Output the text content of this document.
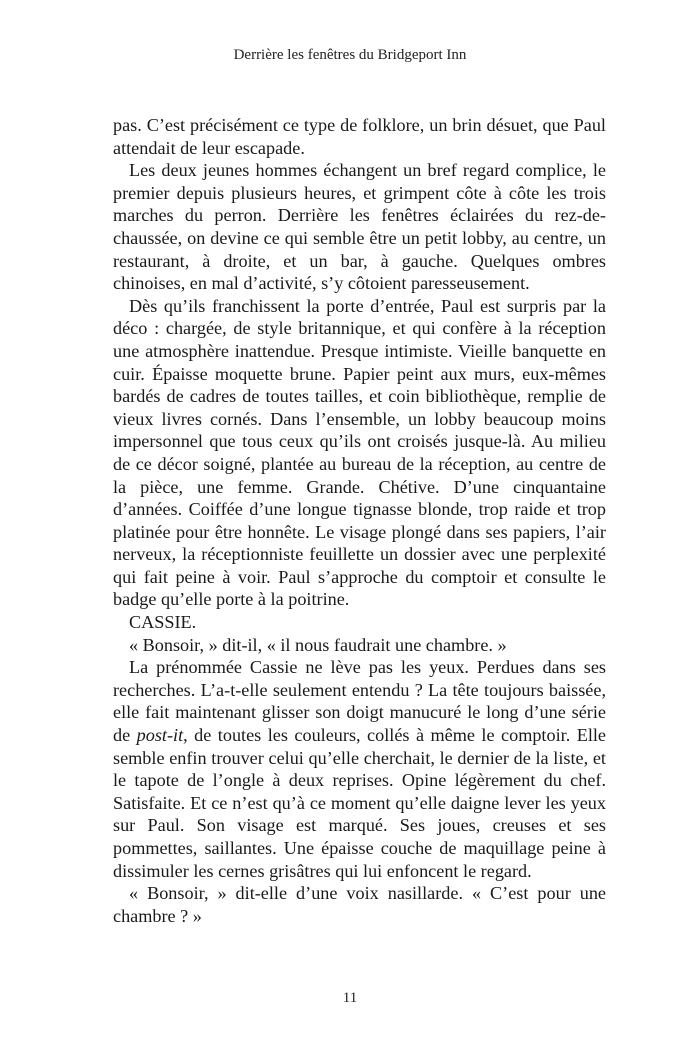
Derrière les fenêtres du Bridgeport Inn

pas. C’est précisément ce type de folklore, un brin désuet, que Paul attendait de leur escapade.

Les deux jeunes hommes échangent un bref regard complice, le premier depuis plusieurs heures, et grimpent côte à côte les trois marches du perron. Derrière les fenêtres éclairées du rez-de-chaussée, on devine ce qui semble être un petit lobby, au centre, un restaurant, à droite, et un bar, à gauche. Quelques ombres chinoises, en mal d’activité, s’y côtoient paresseusement.

Dès qu’ils franchissent la porte d’entrée, Paul est surpris par la déco : chargée, de style britannique, et qui confère à la réception une atmosphère inattendue. Presque intimiste. Vieille banquette en cuir. Épaisse moquette brune. Papier peint aux murs, eux-mêmes bardés de cadres de toutes tailles, et coin bibliothèque, remplie de vieux livres cornés. Dans l’ensemble, un lobby beaucoup moins impersonnel que tous ceux qu’ils ont croisés jusque-là. Au milieu de ce décor soigné, plantée au bureau de la réception, au centre de la pièce, une femme. Grande. Chétive. D’une cinquantaine d’années. Coiffée d’une longue tignasse blonde, trop raide et trop platinée pour être honnête. Le visage plongé dans ses papiers, l’air nerveux, la réceptionniste feuillette un dossier avec une perplexité qui fait peine à voir. Paul s’approche du comptoir et consulte le badge qu’elle porte à la poitrine.

CASSIE.

« Bonsoir, » dit-il, « il nous faudrait une chambre. »

La prénommée Cassie ne lève pas les yeux. Perdues dans ses recherches. L’a-t-elle seulement entendu ? La tête toujours baissée, elle fait maintenant glisser son doigt manucuré le long d’une série de post-it, de toutes les couleurs, collés à même le comptoir. Elle semble enfin trouver celui qu’elle cherchait, le dernier de la liste, et le tapote de l’ongle à deux reprises. Opine légèrement du chef. Satisfaite. Et ce n’est qu’à ce moment qu’elle daigne lever les yeux sur Paul. Son visage est marqué. Ses joues, creuses et ses pommettes, saillantes. Une épaisse couche de maquillage peine à dissimuler les cernes grisâtres qui lui enfoncent le regard.

« Bonsoir, » dit-elle d’une voix nasillarde. « C’est pour une chambre ? »

11
